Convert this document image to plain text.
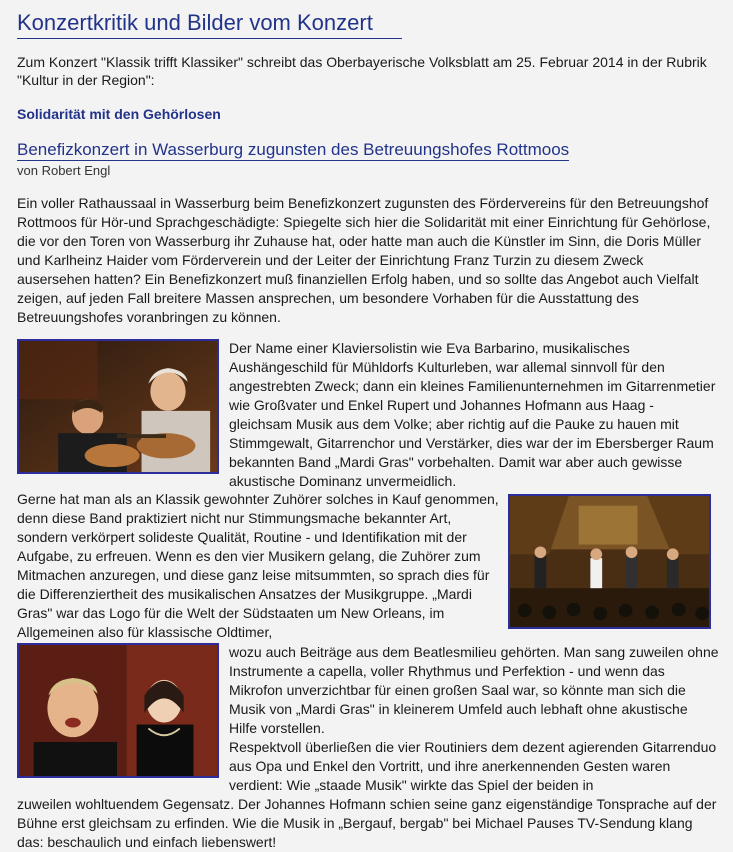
Konzertkritik und Bilder vom Konzert

Zum Konzert "Klassik trifft Klassiker" schreibt das Oberbayerische Volksblatt am 25. Februar 2014 in der Rubrik "Kultur in der Region":

Solidarität mit den Gehörlosen

Benefizkonzert in Wasserburg zugunsten des Betreuungshofes Rottmoos

von Robert Engl

Ein voller Rathaussaal in Wasserburg beim Benefizkonzert zugunsten des Fördervereins für den Betreuungshof Rottmoos für Hör-und Sprachgeschädigte: Spiegelte sich hier die Solidarität mit einer Einrichtung für Gehörlose, die vor den Toren von Wasserburg ihr Zuhause hat, oder hatte man auch die Künstler im Sinn, die Doris Müller und Karlheinz Haider vom Förderverein und der Leiter der Einrichtung Franz Turzin zu diesem Zweck ausersehen hatten? Ein Benefizkonzert muß finanziellen Erfolg haben, und so sollte das Angebot auch Vielfalt zeigen, auf jeden Fall breitere Massen ansprechen, um besondere Vorhaben für die Ausstattung des Betreuungshofes voranbringen zu können.

Der Name einer Klaviersolistin wie Eva Barbarino, musikalisches Aushängeschild für Mühldorfs Kulturleben, war allemal sinnvoll für den angestrebten Zweck; dann ein kleines Familienunternehmen im Gitarrenmetier wie Großvater und Enkel Rupert und Johannes Hofmann aus Haag - gleichsam Musik aus dem Volke; aber richtig auf die Pauke zu hauen mit Stimmgewalt, Gitarrenchor und Verstärker, dies war der im Ebersberger Raum bekannten Band „Mardi Gras" vorbehalten. Damit war aber auch gewisse akustische Dominanz unvermeidlich.

Gerne hat man als an Klassik gewohnter Zuhörer solches in Kauf genommen, denn diese Band praktiziert nicht nur Stimmungsmache bekannter Art, sondern verkörpert solideste Qualität, Routine - und Identifikation mit der Aufgabe, zu erfreuen. Wenn es den vier Musikern gelang, die Zuhörer zum Mitmachen anzuregen, und diese ganz leise mitsummten, so sprach dies für die Differenziertheit des musikalischen Ansatzes der Musikgruppe. „Mardi Gras" war das Logo für die Welt der Südstaaten um New Orleans, im Allgemeinen also für klassische Oldtimer,

wozu auch Beiträge aus dem Beatlesmilieu gehörten. Man sang zuweilen ohne Instrumente a capella, voller Rhythmus und Perfektion - und wenn das Mikrofon unverzichtbar für einen großen Saal war, so könnte man sich die Musik von „Mardi Gras" in kleinerem Umfeld auch lebhaft ohne akustische Hilfe vorstellen.

Respektvoll überließen die vier Routiniers dem dezent agierenden Gitarrenduo aus Opa und Enkel den Vortritt, und ihre anerkennenden Gesten waren verdient: Wie „staade Musik" wirkte das Spiel der beiden in

zuweilen wohltuendem Gegensatz. Der Johannes Hofmann schien seine ganz eigenständige Tonsprache auf der Bühne erst gleichsam zu erfinden. Wie die Musik in „Bergauf, bergab" bei Michael Pauses TV-Sendung klang das: beschaulich und einfach liebenswert!
